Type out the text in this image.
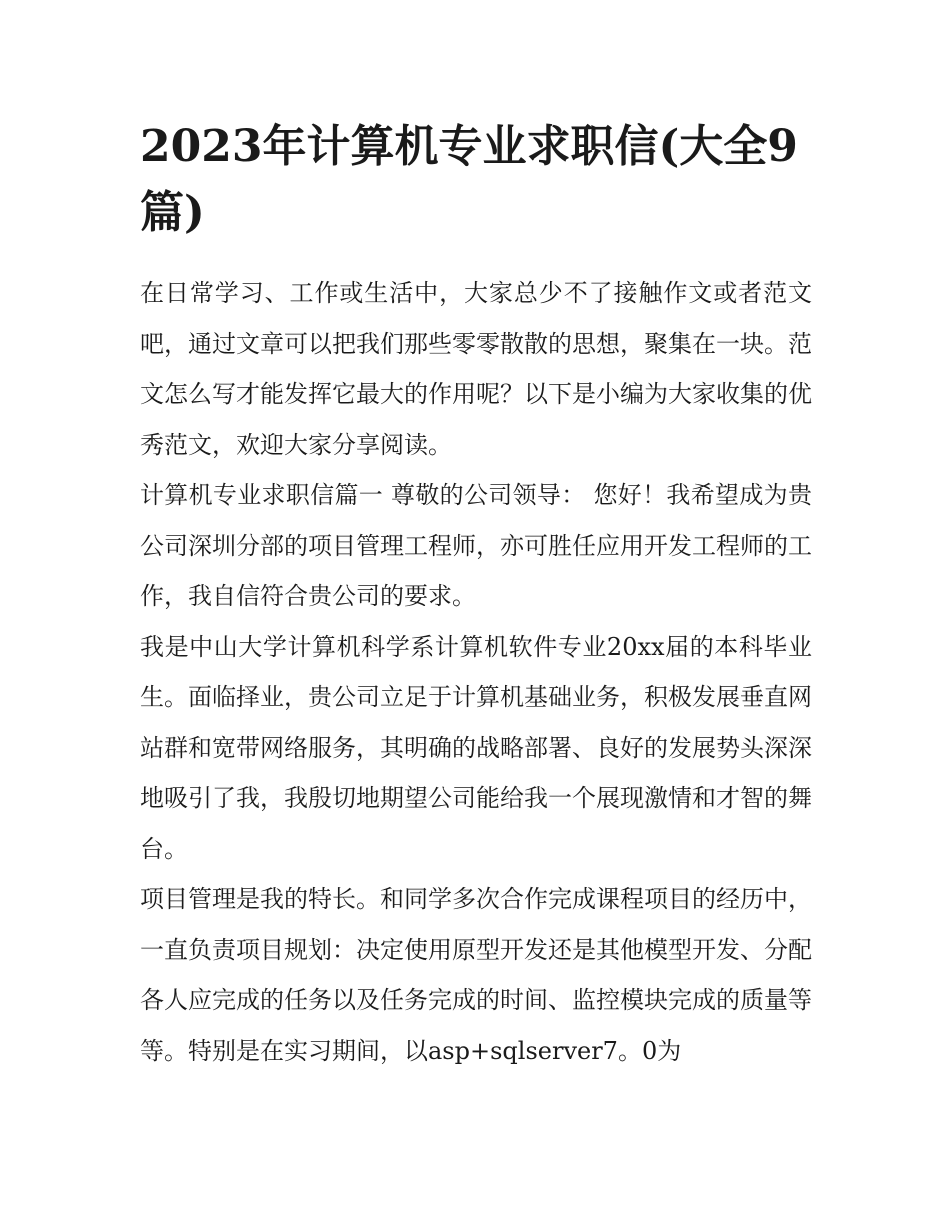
2023年计算机专业求职信(大全9篇)

在日常学习、工作或生活中，大家总少不了接触作文或者范文吧，通过文章可以把我们那些零零散散的思想，聚集在一块。范文怎么写才能发挥它最大的作用呢？以下是小编为大家收集的优秀范文，欢迎大家分享阅读。

计算机专业求职信篇一 尊敬的公司领导： 您好！我希望成为贵公司深圳分部的项目管理工程师，亦可胜任应用开发工程师的工作，我自信符合贵公司的要求。

我是中山大学计算机科学系计算机软件专业20xx届的本科毕业生。面临择业，贵公司立足于计算机基础业务，积极发展垂直网站群和宽带网络服务，其明确的战略部署、良好的发展势头深深地吸引了我，我殷切地期望公司能给我一个展现激情和才智的舞台。

项目管理是我的特长。和同学多次合作完成课程项目的经历中，一直负责项目规划：决定使用原型开发还是其他模型开发、分配各人应完成的任务以及任务完成的时间、监控模块完成的质量等等。特别是在实习期间，以asp+sqlserver7。0为
